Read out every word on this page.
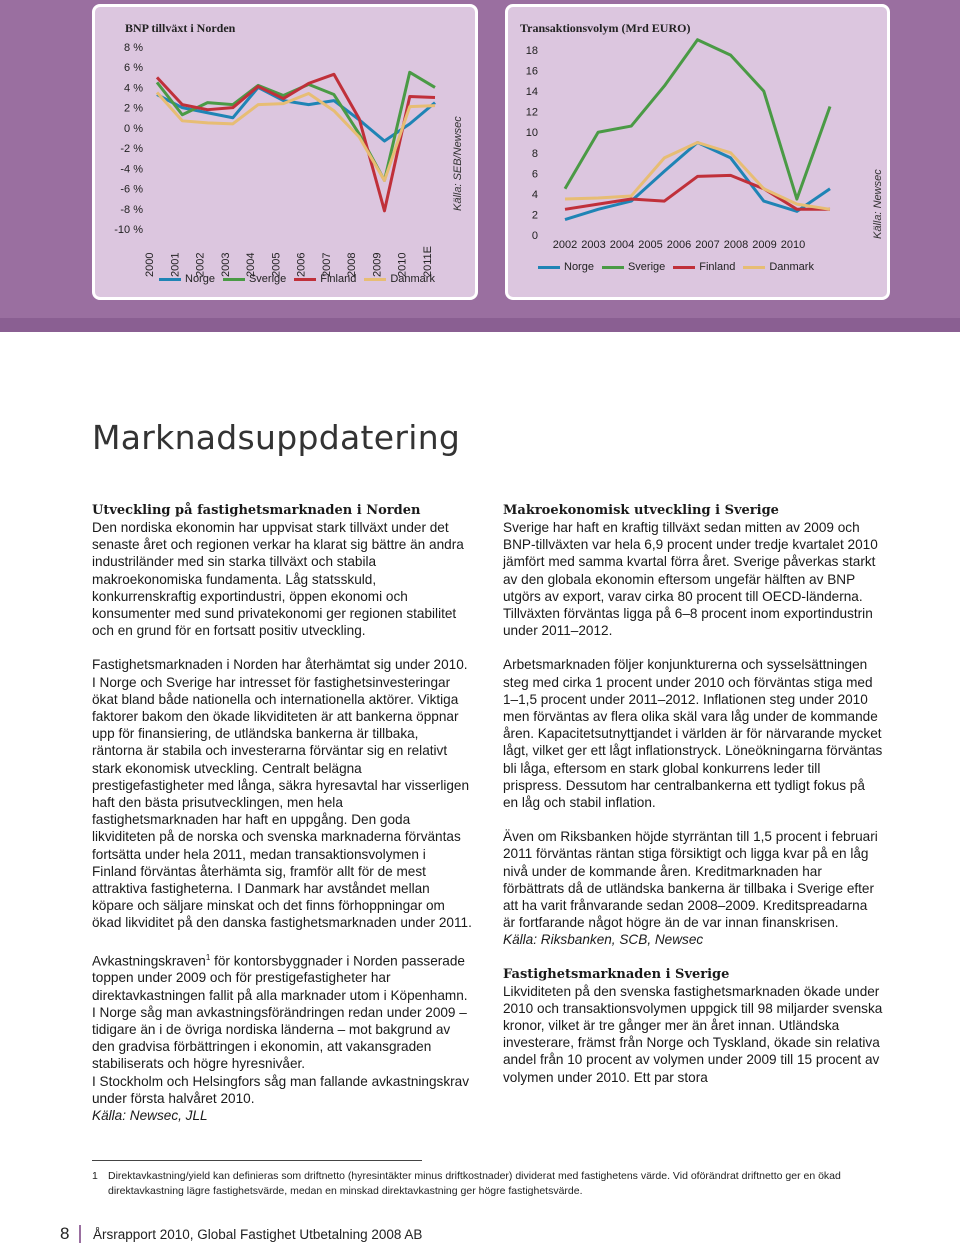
BNP tillväxt i Norden
8 %
6 %
4 %
2 %
0 %
-2 %
-4 %
-6 %
-8 %
-10 %
2000 2001 2002 2003 2004 2005 2006 2007 2008 2009 2010 2011E
Källa: SEB/Newsec
Norge	Sverige	Finland	Danmark
Transaktionsvolym (Mrd EURO)
18
16
14
12
10
8
6
4
2
0
2002 2003 2004 2005 2006 2007 2008 2009 2010
Källa: Newsec
Norge	Sverige	Finland	Danmark
Marknadsuppdatering
Utveckling på fastighetsmarknaden i Norden

Den nordiska ekonomin har uppvisat stark tillväxt under det senaste året och regionen verkar ha klarat sig bättre än andra industriländer med sin starka tillväxt och stabila makroekonomiska fundamenta. Låg statsskuld, konkurrenskraftig exportindustri, öppen ekonomi och konsumenter med sund privatekonomi ger regionen stabilitet och en grund för en fortsatt positiv utveckling.

Fastighetsmarknaden i Norden har återhämtat sig under 2010. I Norge och Sverige har intresset för fastighetsinvesteringar ökat bland både nationella och internationella aktörer. Viktiga faktorer bakom den ökade likviditeten är att bankerna öppnar upp för finansiering, de utländska bankerna är tillbaka, räntorna är stabila och investerarna förväntar sig en relativt stark ekonomisk utveckling. Centralt belägna prestigefastigheter med långa, säkra hyresavtal har visserligen haft den bästa prisutvecklingen, men hela fastighetsmarknaden har haft en uppgång. Den goda likviditeten på de norska och svenska marknaderna förväntas fortsätta under hela 2011, medan transaktionsvolymen i Finland förväntas återhämta sig, framför allt för de mest attraktiva fastigheterna. I Danmark har avståndet mellan köpare och säljare minskat och det finns förhoppningar om ökad likviditet på den danska fastighetsmarknaden under 2011.

Avkastningskraven$^1$ för kontorsbyggnader i Norden passerade toppen under 2009 och för prestigefastigheter har direktavkastningen fallit på alla marknader utom i Köpenhamn. I Norge såg man avkastningsförändringen redan under 2009 – tidigare än i de övriga nordiska länderna – mot bakgrund av den gradvisa förbättringen i ekonomin, att vakansgraden stabiliserats och högre hyresnivåer.

I Stockholm och Helsingfors såg man fallande avkastningskrav under första halvåret 2010.

Källa: Newsec, JLL

Makroekonomisk utveckling i Sverige

Sverige har haft en kraftig tillväxt sedan mitten av 2009 och BNP-tillväxten var hela 6,9 procent under tredje kvartalet 2010 jämfört med samma kvartal förra året. Sverige påverkas starkt av den globala ekonomin eftersom ungefär hälften av BNP utgörs av export, varav cirka 80 procent till OECD-länderna. Tillväxten förväntas ligga på 6–8 procent inom exportindustrin under 2011–2012.

Arbetsmarknaden följer konjunkturerna och sysselsättningen steg med cirka 1 procent under 2010 och förväntas stiga med 1–1,5 procent under 2011–2012. Inflationen steg under 2010 men förväntas av flera olika skäl vara låg under de kommande åren. Kapacitetsutnyttjandet i världen är för närvarande mycket lågt, vilket ger ett lågt inflationstryck. Löneökningarna förväntas bli låga, eftersom en stark global konkurrens leder till prispress. Dessutom har centralbankerna ett tydligt fokus på en låg och stabil inflation.

Även om Riksbanken höjde styrräntan till 1,5 procent i februari 2011 förväntas räntan stiga försiktigt och ligga kvar på en låg nivå under de kommande åren. Kreditmarknaden har förbättrats då de utländska bankerna är tillbaka i Sverige efter att ha varit frånvarande sedan 2008–2009. Kreditspreadarna är fortfarande något högre än de var innan finanskrisen.

Källa: Riksbanken, SCB, Newsec

Fastighetsmarknaden i Sverige

Likviditeten på den svenska fastighetsmarknaden ökade under 2010 och transaktionsvolymen uppgick till 98 miljarder svenska kronor, vilket är tre gånger mer än året innan. Utländska investerare, främst från Norge och Tyskland, ökade sin relativa andel från 10 procent av volymen under 2009 till 15 procent av volymen under 2010. Ett par stora

1 Direktavkastning/yield kan definieras som driftnetto (hyresintäkter minus driftkostnader) dividerat med fastighetens värde. Vid oförändrat driftnetto ger en ökad direktavkastning lägre fastighetsvärde, medan en minskad direktavkastning ger högre fastighetsvärde.
8 Årsrapport 2010, Global Fastighet Utbetalning 2008 AB
